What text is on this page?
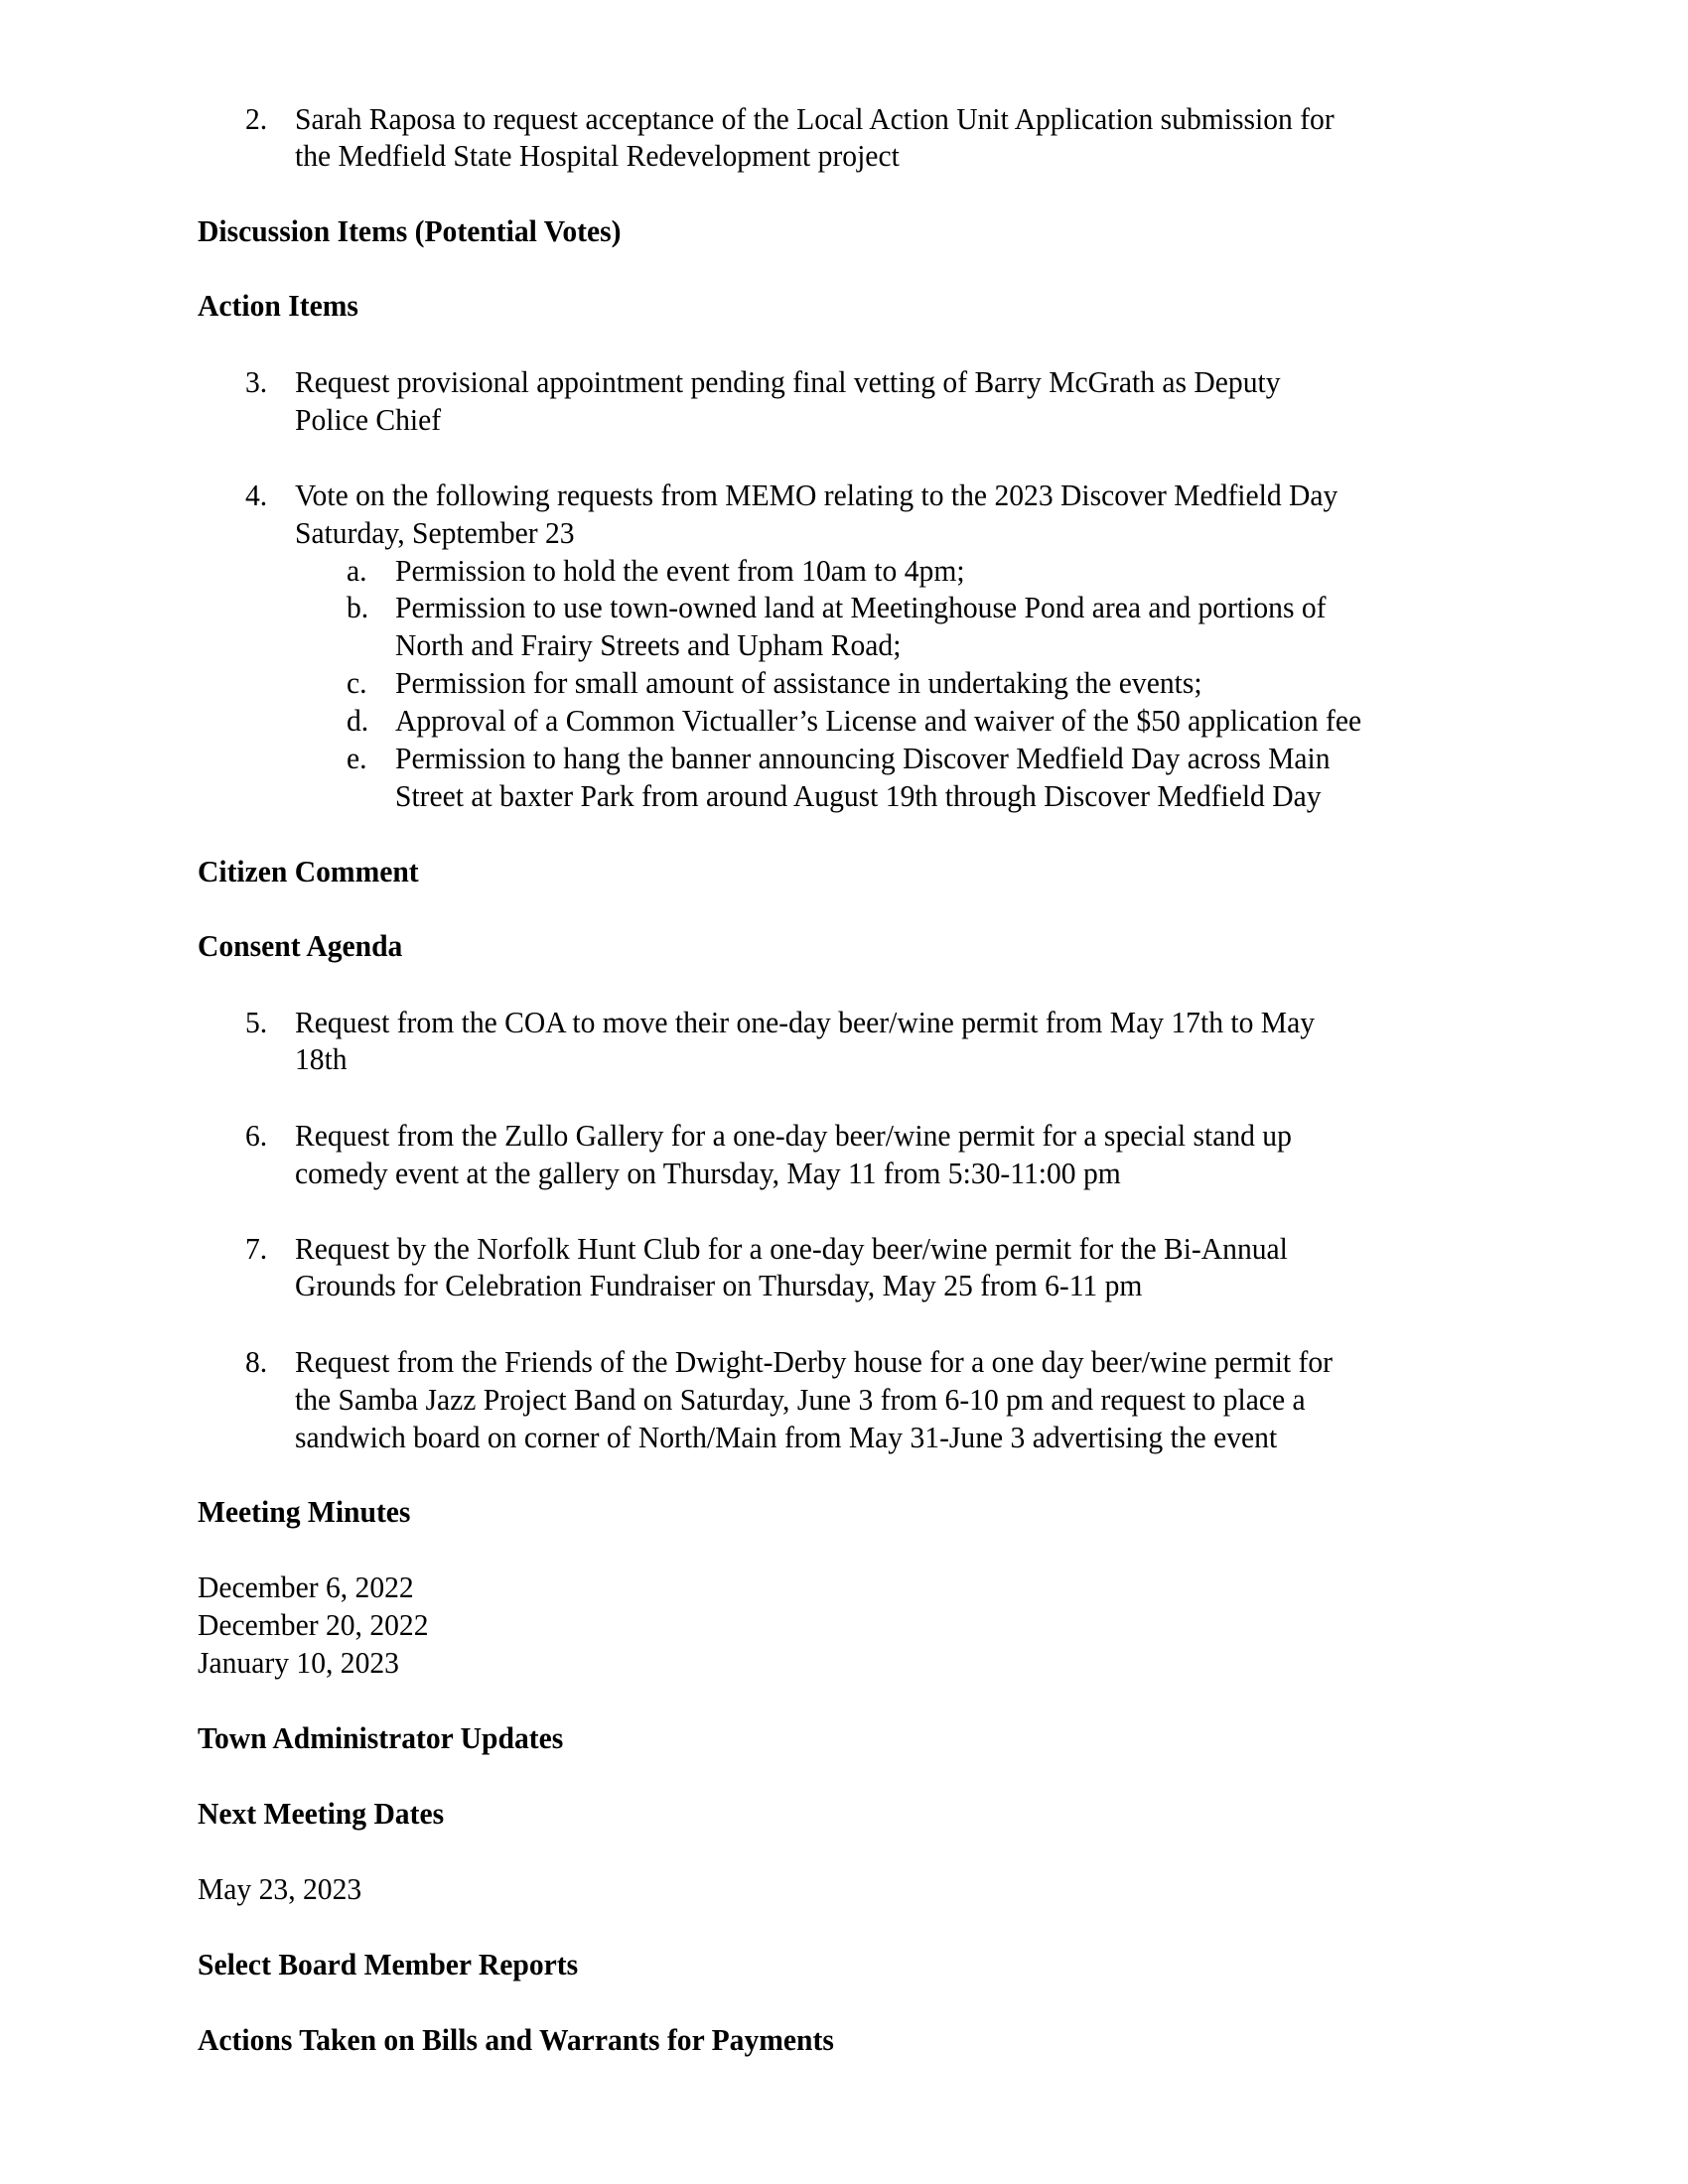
2. Sarah Raposa to request acceptance of the Local Action Unit Application submission for
the Medfield State Hospital Redevelopment project
Discussion Items (Potential Votes)
Action Items
3. Request provisional appointment pending final vetting of Barry McGrath as Deputy
Police Chief
4. Vote on the following requests from MEMO relating to the 2023 Discover Medfield Day
Saturday, September 23
a. Permission to hold the event from 10am to 4pm;
b. Permission to use town-owned land at Meetinghouse Pond area and portions of
North and Frairy Streets and Upham Road;
c. Permission for small amount of assistance in undertaking the events;
d. Approval of a Common Victualler’s License and waiver of the $50 application fee
e. Permission to hang the banner announcing Discover Medfield Day across Main
Street at baxter Park from around August 19th through Discover Medfield Day
Citizen Comment
Consent Agenda
5. Request from the COA to move their one-day beer/wine permit from May 17th to May
18th
6. Request from the Zullo Gallery for a one-day beer/wine permit for a special stand up
comedy event at the gallery on Thursday, May 11 from 5:30-11:00 pm
7. Request by the Norfolk Hunt Club for a one-day beer/wine permit for the Bi-Annual
Grounds for Celebration Fundraiser on Thursday, May 25 from 6-11 pm
8. Request from the Friends of the Dwight-Derby house for a one day beer/wine permit for
the Samba Jazz Project Band on Saturday, June 3 from 6-10 pm and request to place a
sandwich board on corner of North/Main from May 31-June 3 advertising the event
Meeting Minutes
December 6, 2022
December 20, 2022
January 10, 2023
Town Administrator Updates
Next Meeting Dates
May 23, 2023
Select Board Member Reports
Actions Taken on Bills and Warrants for Payments
